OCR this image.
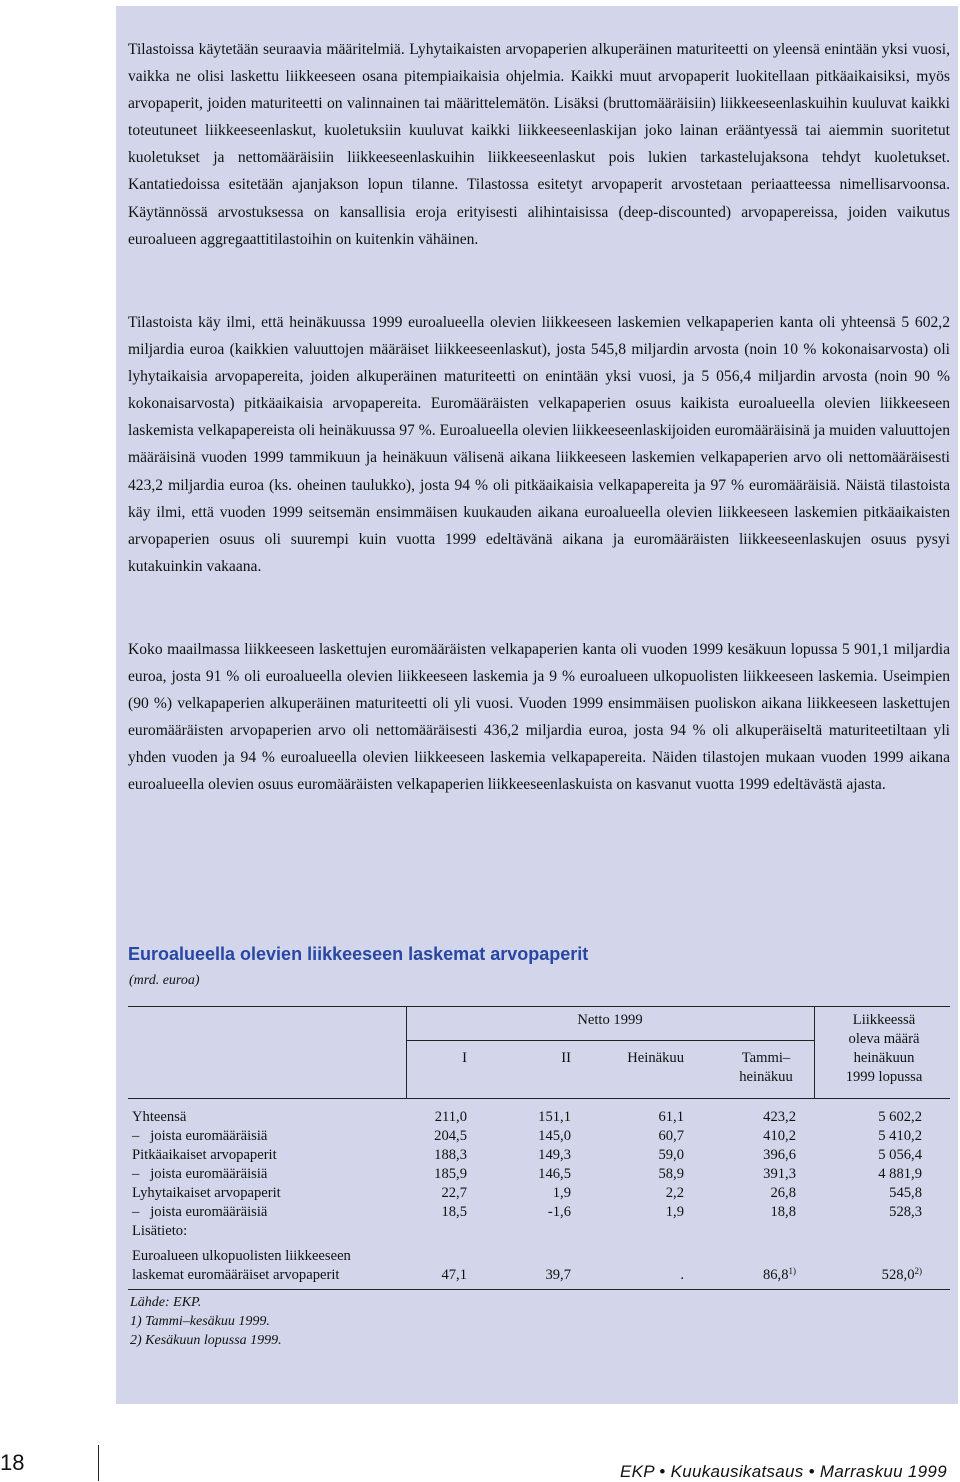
Tilastoissa käytetään seuraavia määritelmiä. Lyhytaikaisten arvopaperien alkuperäinen maturiteetti on yleensä enintään yksi vuosi, vaikka ne olisi laskettu liikkeeseen osana pitempiaikaisia ohjelmia. Kaikki muut arvopaperit luokitellaan pitkäaikaisiksi, myös arvopaperit, joiden maturiteetti on valinnainen tai määrittelemätön. Lisäksi (bruttomääräisiin) liikkeeseenlaskuihin kuuluvat kaikki toteutuneet liikkeeseenlaskut, kuoletuksiin kuuluvat kaikki liikkeeseenlaskijan joko lainan erääntyessä tai aiemmin suoritetut kuoletukset ja nettomääräisiin liikkeeseenlaskuihin liikkeeseenlaskut pois lukien tarkastelujaksona tehdyt kuoletukset. Kantatiedoissa esitetään ajanjakson lopun tilanne. Tilastossa esitetyt arvopaperit arvostetaan periaatteessa nimellisarvoonsa. Käytännössä arvostuksessa on kansallisia eroja erityisesti alihintaisissa (deep-discounted) arvopapereissa, joiden vaikutus euroalueen aggregaattitilastoihin on kuitenkin vähäinen.

Tilastoista käy ilmi, että heinäkuussa 1999 euroalueella olevien liikkeeseen laskemien velkapaperien kanta oli yhteensä 5 602,2 miljardia euroa (kaikkien valuuttojen määräiset liikkeeseenlaskut), josta 545,8 miljardin arvosta (noin 10 % kokonaisarvosta) oli lyhytaikaisia arvopapereita, joiden alkuperäinen maturiteetti on enintään yksi vuosi, ja 5 056,4 miljardin arvosta (noin 90 % kokonaisarvosta) pitkäaikaisia arvopapereita. Euromääräisten velkapaperien osuus kaikista euroalueella olevien liikkeeseen laskemista velkapapereista oli heinäkuussa 97 %. Euroalueella olevien liikkeeseenlaskijoiden euromääräisinä ja muiden valuuttojen määräisinä vuoden 1999 tammikuun ja heinäkuun välisenä aikana liikkeeseen laskemien velkapaperien arvo oli nettomääräisesti 423,2 miljardia euroa (ks. oheinen taulukko), josta 94 % oli pitkäaikaisia velkapapereita ja 97 % euromääräisiä. Näistä tilastoista käy ilmi, että vuoden 1999 seitsemän ensimmäisen kuukauden aikana euroalueella olevien liikkeeseen laskemien pitkäaikaisten arvopaperien osuus oli suurempi kuin vuotta 1999 edeltävänä aikana ja euromääräisten liikkeeseenlaskujen osuus pysyi kutakuinkin vakaana.

Koko maailmassa liikkeeseen laskettujen euromääräisten velkapaperien kanta oli vuoden 1999 kesäkuun lopussa 5 901,1 miljardia euroa, josta 91 % oli euroalueella olevien liikkeeseen laskemia ja 9 % euroalueen ulkopuolisten liikkeeseen laskemia. Useimpien (90 %) velkapaperien alkuperäinen maturiteetti oli yli vuosi. Vuoden 1999 ensimmäisen puoliskon aikana liikkeeseen laskettujen euromääräisten arvopaperien arvo oli nettomääräisesti 436,2 miljardia euroa, josta 94 % oli alkuperäiseltä maturiteetiltaan yli yhden vuoden ja 94 % euroalueella olevien liikkeeseen laskemia velkapapereita. Näiden tilastojen mukaan vuoden 1999 aikana euroalueella olevien osuus euromääräisten velkapaperien liikkeeseenlaskuista on kasvanut vuotta 1999 edeltävästä ajasta.

Euroalueella olevien liikkeeseen laskemat arvopaperit

(mrd. euroa)

Netto 1999
I	II	Heinäkuu	Tammi–
heinäkuu
Liikkeessä
oleva määrä
heinäkuun
1999 lopussa
Yhteensä	211,0	151,1	61,1	423,2	5 602,2
–   joista euromääräisiä	204,5	145,0	60,7	410,2	5 410,2
Pitkäaikaiset arvopaperit	188,3	149,3	59,0	396,6	5 056,4
–   joista euromääräisiä	185,9	146,5	58,9	391,3	4 881,9
Lyhytaikaiset arvopaperit	22,7	1,9	2,2	26,8	545,8
–   joista euromääräisiä	18,5	-1,6	1,9	18,8	528,3
Lisätieto:
Euroalueen ulkopuolisten liikkeeseen
laskemat euromääräiset arvopaperit	47,1	39,7	.	86,8$^{1)}$	528,0$^{2)}$

Lähde: EKP.

1) Tammi–kesäkuu 1999.

2) Kesäkuun lopussa 1999.

18	EKP • Kuukausikatsaus • Marraskuu 1999
